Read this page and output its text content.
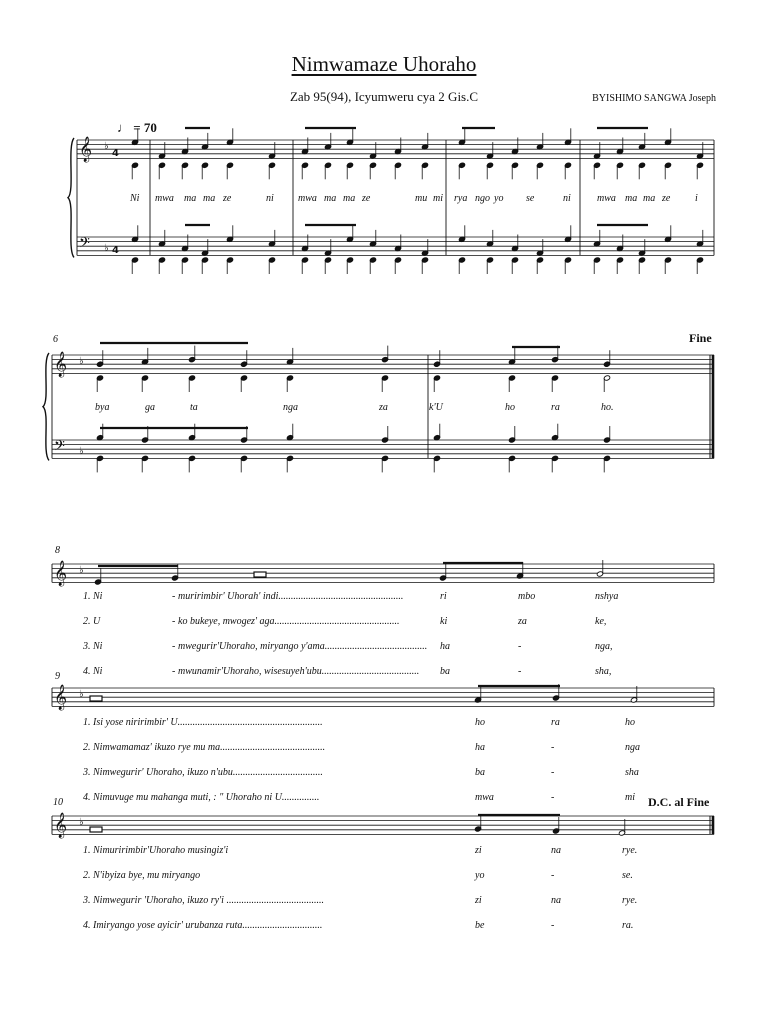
Nimwamaze Uhoraho
Zab 95(94), Icyumweru cya 2 Gis.C	BYISHIMO SANGWA Joseph
♩ = 70
6
8
9
10
Fine
D.C. al Fine
𝄞
𝄢
♭
♭
4
4
𝄞
𝄢
♭
♭
𝄞 ♭
𝄞 ♭
𝄞 ♭
Ni mwa ma ma ze	ni mwa ma ma ze	mu mi rya ngo yo se	ni	mwa ma ma ze i
bya	ga	ta	nga	za	k'U	ho	ra	ho.
1. Ni	- muririmbir' Uhorah' indi..................................................	ri	mbo	nshya
2. U	- ko bukeye, mwogez' aga..................................................	ki	za	ke,
3. Ni	- mwegurir'Uhoraho, miryango y'ama......................................... ha	-	nga,
4. Ni	- mwunamir'Uhoraho, wisesuyeh'ubu....................................... ba	-	sha,
1. Isi yose niririmbir' U..........................................................	ho	ra	ho
2. Nimwamamaz' ikuzo rye mu ma..........................................	ha	-	nga
3. Nimwegurir' Uhoraho, ikuzo n'ubu....................................	ba	-	sha
4. Nimuvuge mu mahanga muti, : " Uhoraho ni U...............	mwa	-	mi
1. Nimuririmbir'Uhoraho musingiz'i	zi	na	rye.
2. N'ibyiza bye, mu miryango	yo	-	se.
3. Nimwegurir 'Uhoraho, ikuzo ry'i .......................................	zi	na	rye.
4. Imiryango yose ayicir' urubanza ruta................................	be	-	ra.
